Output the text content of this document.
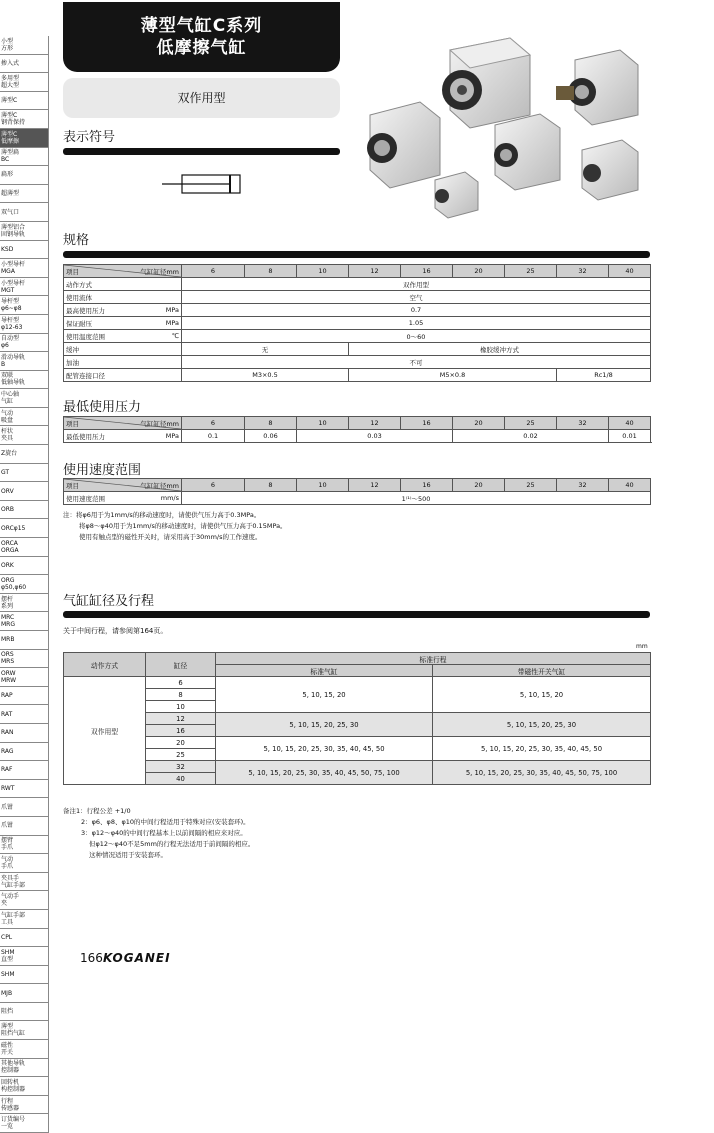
小型
方形
掺入式
多用型
超大型
薄型C
薄型C
钢背保持
薄型C
低摩擦
薄型扁
BC
扁形
超薄型
双气口
薄型铝合
固钢导轨
KSD
小型导杆
MGA
小型导杆
MGT
导杆型
φ6~φ8
导杆型
φ12-63
自动型
φ6
滑动导轨
B
双联
低轴导轨
中心轴
气缸
气动
吸盘
杆状
夹具
Z旋台
GT
ORV
ORB
ORCφ15
ORCA
ORGA
ORK
ORG
φ50,φ60
摆杆
系列
MRC
MRG
MRB
ORS
MRS
ORW
MRW
RAP
RAT
RAN
RAG
RAF
RWT
爪钳
爪钳
摆臂
手爪
气动
手爪
夹具手
气缸手部
气动手
夹
气缸手部
工具
CPL
SHM
直型
SHM
MJB
阻挡
薄型
阻挡气缸
磁性
开关
其他导轨
控制器
回转机
构控制器
行程
传感器
订货编号
一览
薄型气缸C系列
低摩擦气缸
双作用型
表示符号
规格
项目 气缸缸径mm	6	8	10	12	16	20	25	32	40
动作方式	双作用型								
使用流体	空气								
最高使用压力 MPa	0.7								
保证耐压 MPa	1.05								
使用温度范围 ℃	0～60								
缓冲	无			橡胶缓冲方式					
加油	不可								
配管连接口径	M3×0.5			M5×0.8				Rc1/8	
最低使用压力
项目 气缸缸径mm	6	8	10	12	16	20	25	32	40
最低使用压力 MPa	0.1	0.06	0.03			0.02			0.01
使用速度范围
项目 气缸缸径mm	6	8	10	12	16	20	25	32	40
使用速度范围 mm/s	1⁽¹⁾～500								
注：将φ6用于为1mm/s的移动速度时，请使供气压力高于0.3MPa。
将φ8～φ40用于为1mm/s的移动速度时，请使供气压力高于0.15MPa。
使用有触点型的磁性开关时，请采用高于30mm/s的工作速度。
气缸缸径及行程
关于中间行程，请参阅第164页。
mm
动作方式	缸径	标准行程	
		标准气缸	带磁性开关气缸
双作用型	6	5, 10, 15, 20	5, 10, 15, 20
	8		
	10		
	12	5, 10, 15, 20, 25, 30	5, 10, 15, 20, 25, 30
	16		
	20	5, 10, 15, 20, 25, 30, 35, 40, 45, 50	5, 10, 15, 20, 25, 30, 35, 40, 45, 50
	25		
	32	5, 10, 15, 20, 25, 30, 35, 40, 45, 50, 75, 100	5, 10, 15, 20, 25, 30, 35, 40, 45, 50, 75, 100
	40		
备注1：行程公差 +1/0
2：φ6、φ8、φ10的中间行程适用于特殊对应(安装套环)。
3：φ12～φ40的中间行程基本上以前间隔的相应来对应。
但φ12～φ40不足5mm的行程无法适用于前间隔的相应。
这种情况适用于安装套环。
166 KOGANEI
